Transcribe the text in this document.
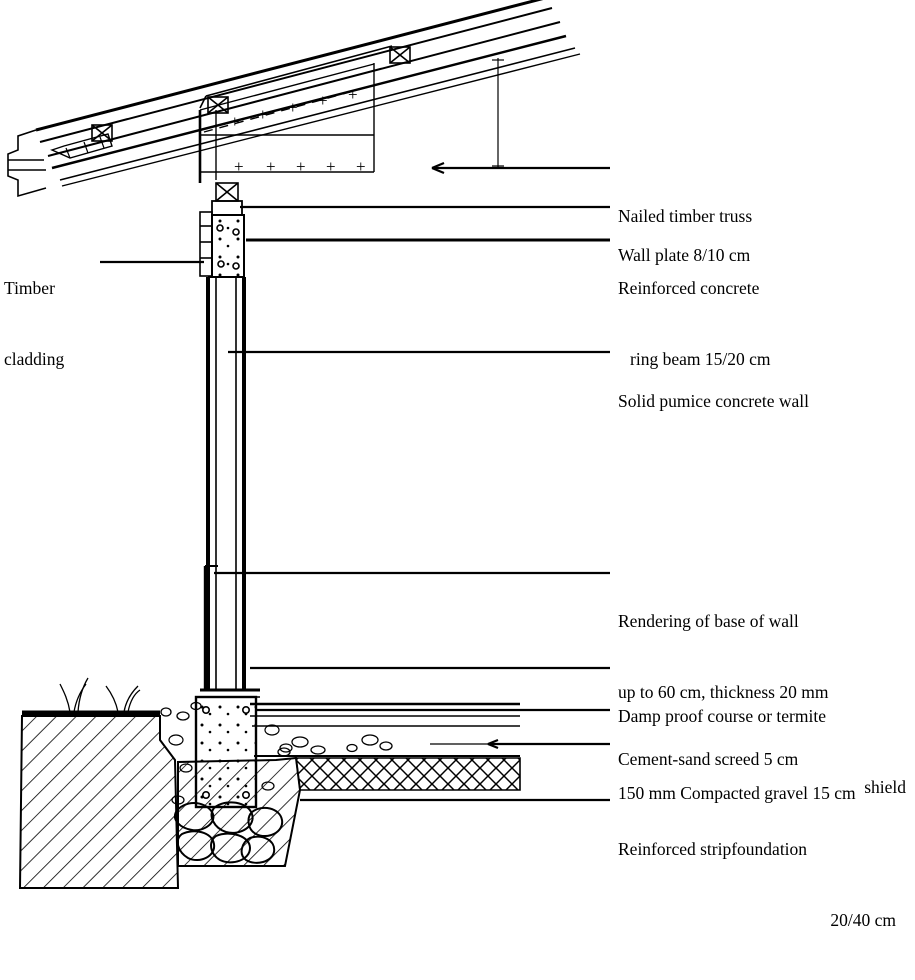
+ + + + +
+ + + + +

Timber

cladding

Nailed timber truss

Wall plate 8/10 cm

Reinforced concrete

ring beam 15/20 cm

Solid pumice concrete wall

Rendering of base of wall

up to 60 cm, thickness 20 mm

Damp proof course or termite

shield

Cement-sand screed 5 cm

150 mm Compacted gravel 15 cm

Reinforced stripfoundation

20/40 cm
